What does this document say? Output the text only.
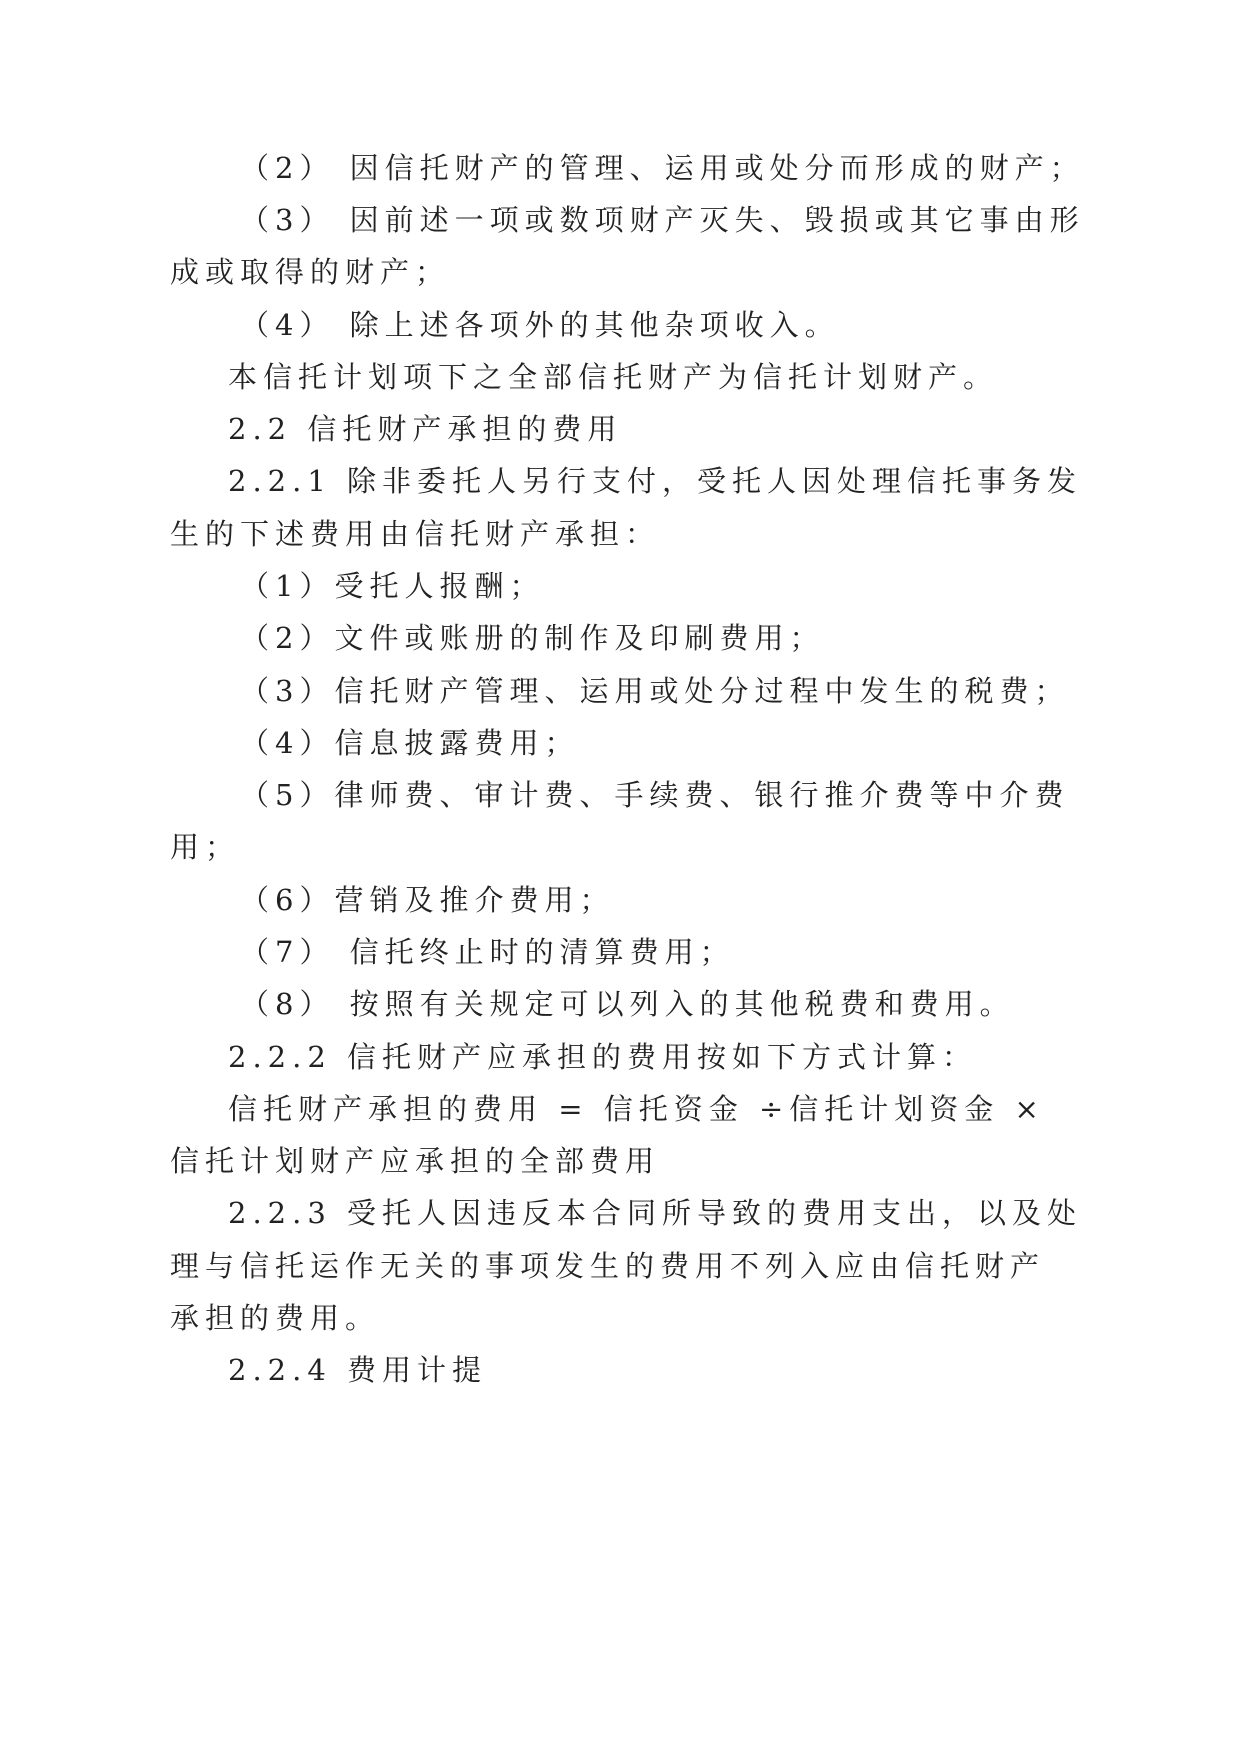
（2） 因信托财产的管理、运用或处分而形成的财产；
（3） 因前述一项或数项财产灭失、毁损或其它事由形
成或取得的财产；
（4） 除上述各项外的其他杂项收入。
本信托计划项下之全部信托财产为信托计划财产。
2.2 信托财产承担的费用
2.2.1 除非委托人另行支付，受托人因处理信托事务发
生的下述费用由信托财产承担：
（1）受托人报酬；
（2）文件或账册的制作及印刷费用；
（3）信托财产管理、运用或处分过程中发生的税费；
（4）信息披露费用；
（5）律师费、审计费、手续费、银行推介费等中介费
用；
（6）营销及推介费用；
（7） 信托终止时的清算费用；
（8） 按照有关规定可以列入的其他税费和费用。
2.2.2 信托财产应承担的费用按如下方式计算：
信托财产承担的费用 = 信托资金 ÷信托计划资金 ×
信托计划财产应承担的全部费用
2.2.3 受托人因违反本合同所导致的费用支出，以及处
理与信托运作无关的事项发生的费用不列入应由信托财产
承担的费用。
2.2.4 费用计提
